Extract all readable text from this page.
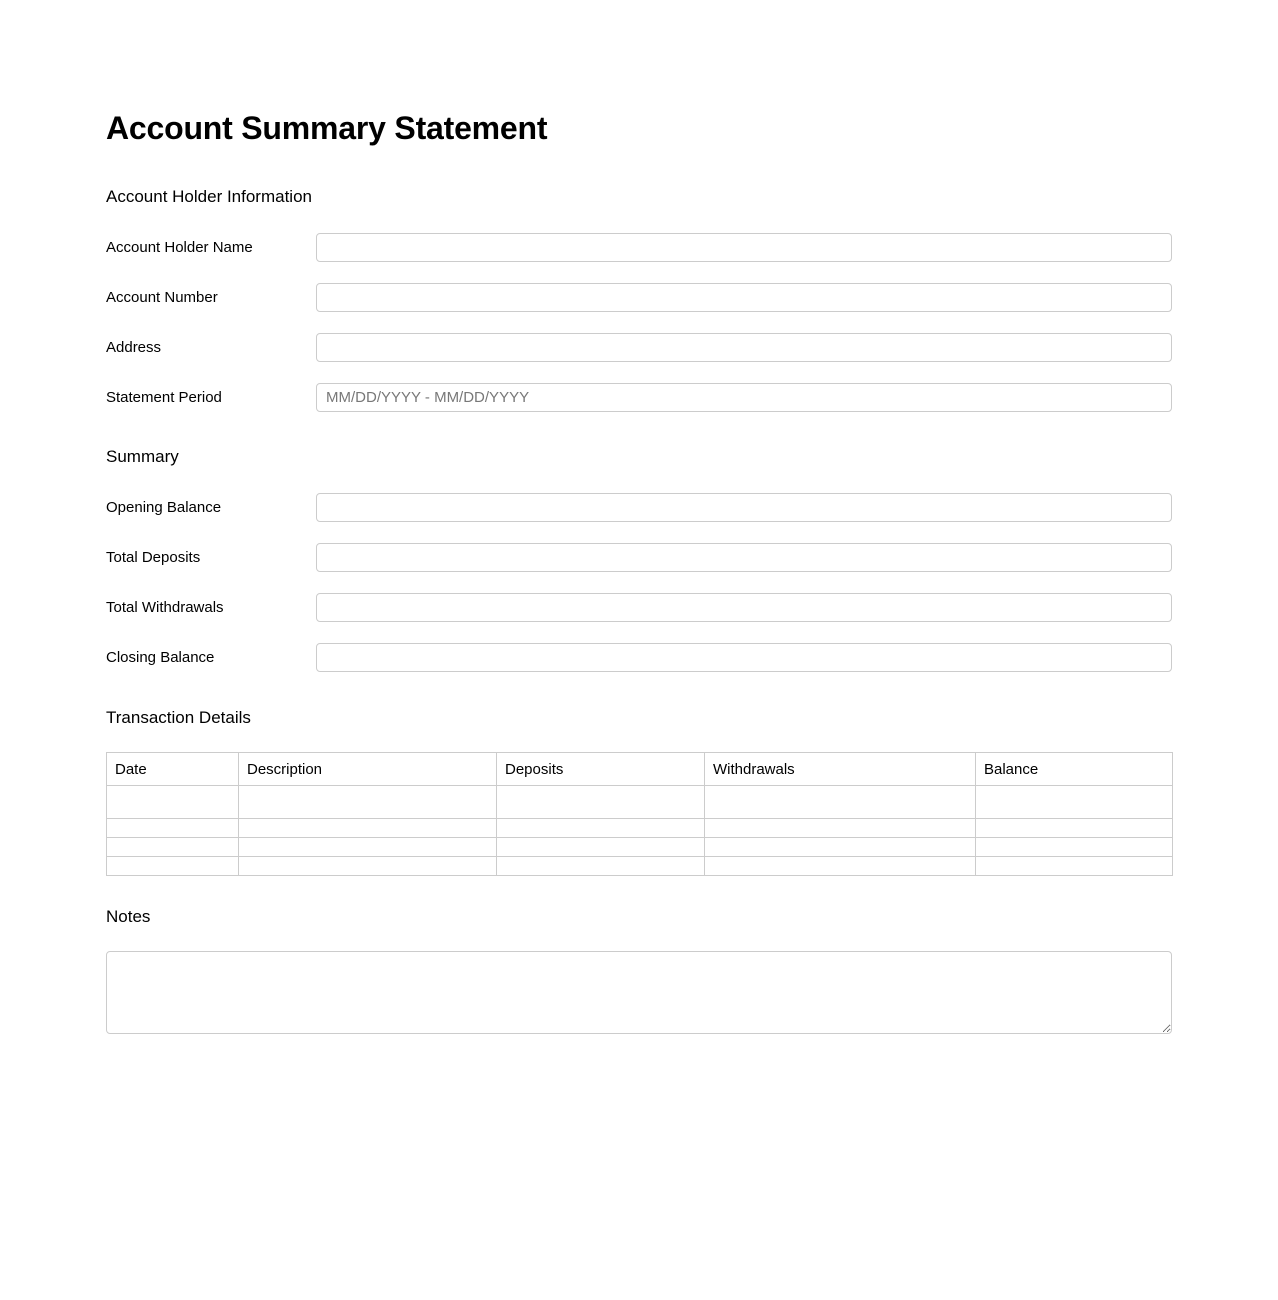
Account Summary Statement
Account Holder Information
Account Holder Name
Account Number
Address
Statement Period
MM/DD/YYYY - MM/DD/YYYY
Summary
Opening Balance
Total Deposits
Total Withdrawals
Closing Balance
Transaction Details
Date	Description	Deposits	Withdrawals	Balance

Notes
